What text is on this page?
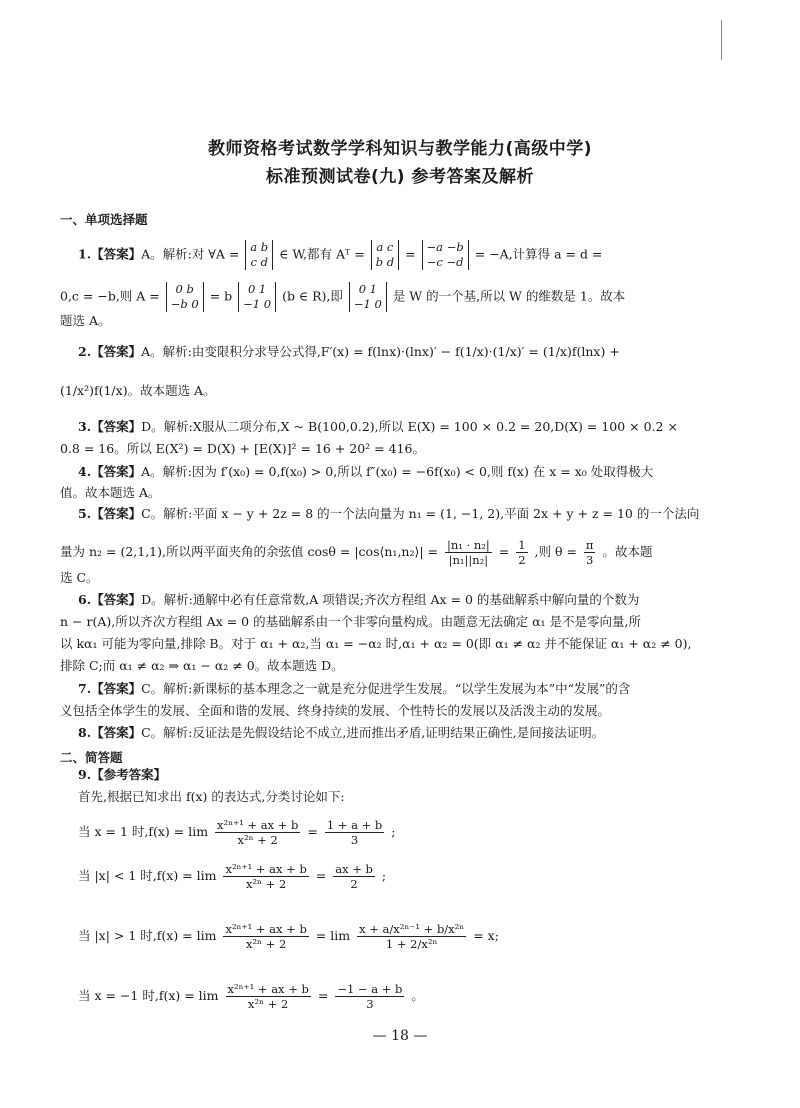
教师资格考试数学学科知识与教学能力(高级中学)
标准预测试卷(九) 参考答案及解析
一、单项选择题
1.【答案】A。解析:对 ∀A = a b
c d
∈ W,都有 Aᵀ = a c
b d
= −a −b
−c −d
= −A,计算得 a = d =
0,c = −b,则 A =	0 b
−b 0
= b	0 1
−1 0
(b ∈ R),即	0 1
−1 0
是 W 的一个基,所以 W 的维数是 1。故本
题选 A。
2.【答案】A。解析:由变限积分求导公式得,F′(x) = f(lnx)·(lnx)′ − f(1/x)·(1/x)′ = (1/x)f(lnx) +
(1/x²)f(1/x)。故本题选 A。
3.【答案】D。解析:X服从二项分布,X ~ B(100,0.2),所以 E(X) = 100 × 0.2 = 20,D(X) = 100 × 0.2 ×
0.8 = 16。所以 E(X²) = D(X) + [E(X)]² = 16 + 20² = 416。
4.【答案】A。解析:因为 f′(x₀) = 0,f(x₀) > 0,所以 f″(x₀) = −6f(x₀) < 0,则 f(x) 在 x = x₀ 处取得极大
值。故本题选 A。
5.【答案】C。解析:平面 x − y + 2z = 8 的一个法向量为 n₁ = (1, −1, 2),平面 2x + y + z = 10 的一个法向
量为 n₂ = (2,1,1),所以两平面夹角的余弦值 cosθ = |cos⟨n₁,n₂⟩| = $\frac{\text{|n₁ · n₂|}}{\text{|n₁||n₂|}} = \frac{1}{2}$ ,则 $\theta = \frac{\pi}{3}$ 。故本题
选 C。
6.【答案】D。解析:通解中必有任意常数,A 项错误;齐次方程组 Ax = 0 的基础解系中解向量的个数为
n − r(A),所以齐次方程组 Ax = 0 的基础解系由一个非零向量构成。由题意无法确定 α₁ 是不是零向量,所
以 kα₁ 可能为零向量,排除 B。对于 α₁ + α₂,当 α₁ = −α₂ 时,α₁ + α₂ = 0(即 α₁ ≠ α₂ 并不能保证 α₁ + α₂ ≠ 0),
排除 C;而 α₁ ≠ α₂ ⇒ α₁ − α₂ ≠ 0。故本题选 D。
7.【答案】C。解析:新课标的基本理念之一就是充分促进学生发展。“以学生发展为本”中“发展”的含
义包括全体学生的发展、全面和谐的发展、终身持续的发展、个性特长的发展以及活泼主动的发展。
8.【答案】C。解析:反证法是先假设结论不成立,进而推出矛盾,证明结果正确性,是间接法证明。
二、简答题
9.【参考答案】
首先,根据已知求出 f(x) 的表达式,分类讨论如下:
当 x = 1 时$,f(x) = \lim \frac{\text{x²ⁿ⁺¹ + ax + b}}{\text{x²ⁿ + 2}} = \frac{1 + a + b}{3}$ ;
当 |x| < 1 时$,f(x) = \lim \frac{\text{x²ⁿ⁺¹ + ax + b}}{\text{x²ⁿ + 2}} = \frac{ax + b}{2}$ ;
当 |x| > 1 时$,f(x) = \lim \frac{\text{x²ⁿ⁺¹ + ax + b}}{\text{x²ⁿ + 2}} = \lim \frac{\text{x + a/x²ⁿ⁻¹ + b/x²ⁿ}}{\text{1 + 2/x²ⁿ}} = x$;
当 x = −1 时$,f(x) = \lim \frac{\text{x²ⁿ⁺¹ + ax + b}}{\text{x²ⁿ + 2}} = \frac{-1 - a + b}{3}$ 。
— 18 —
